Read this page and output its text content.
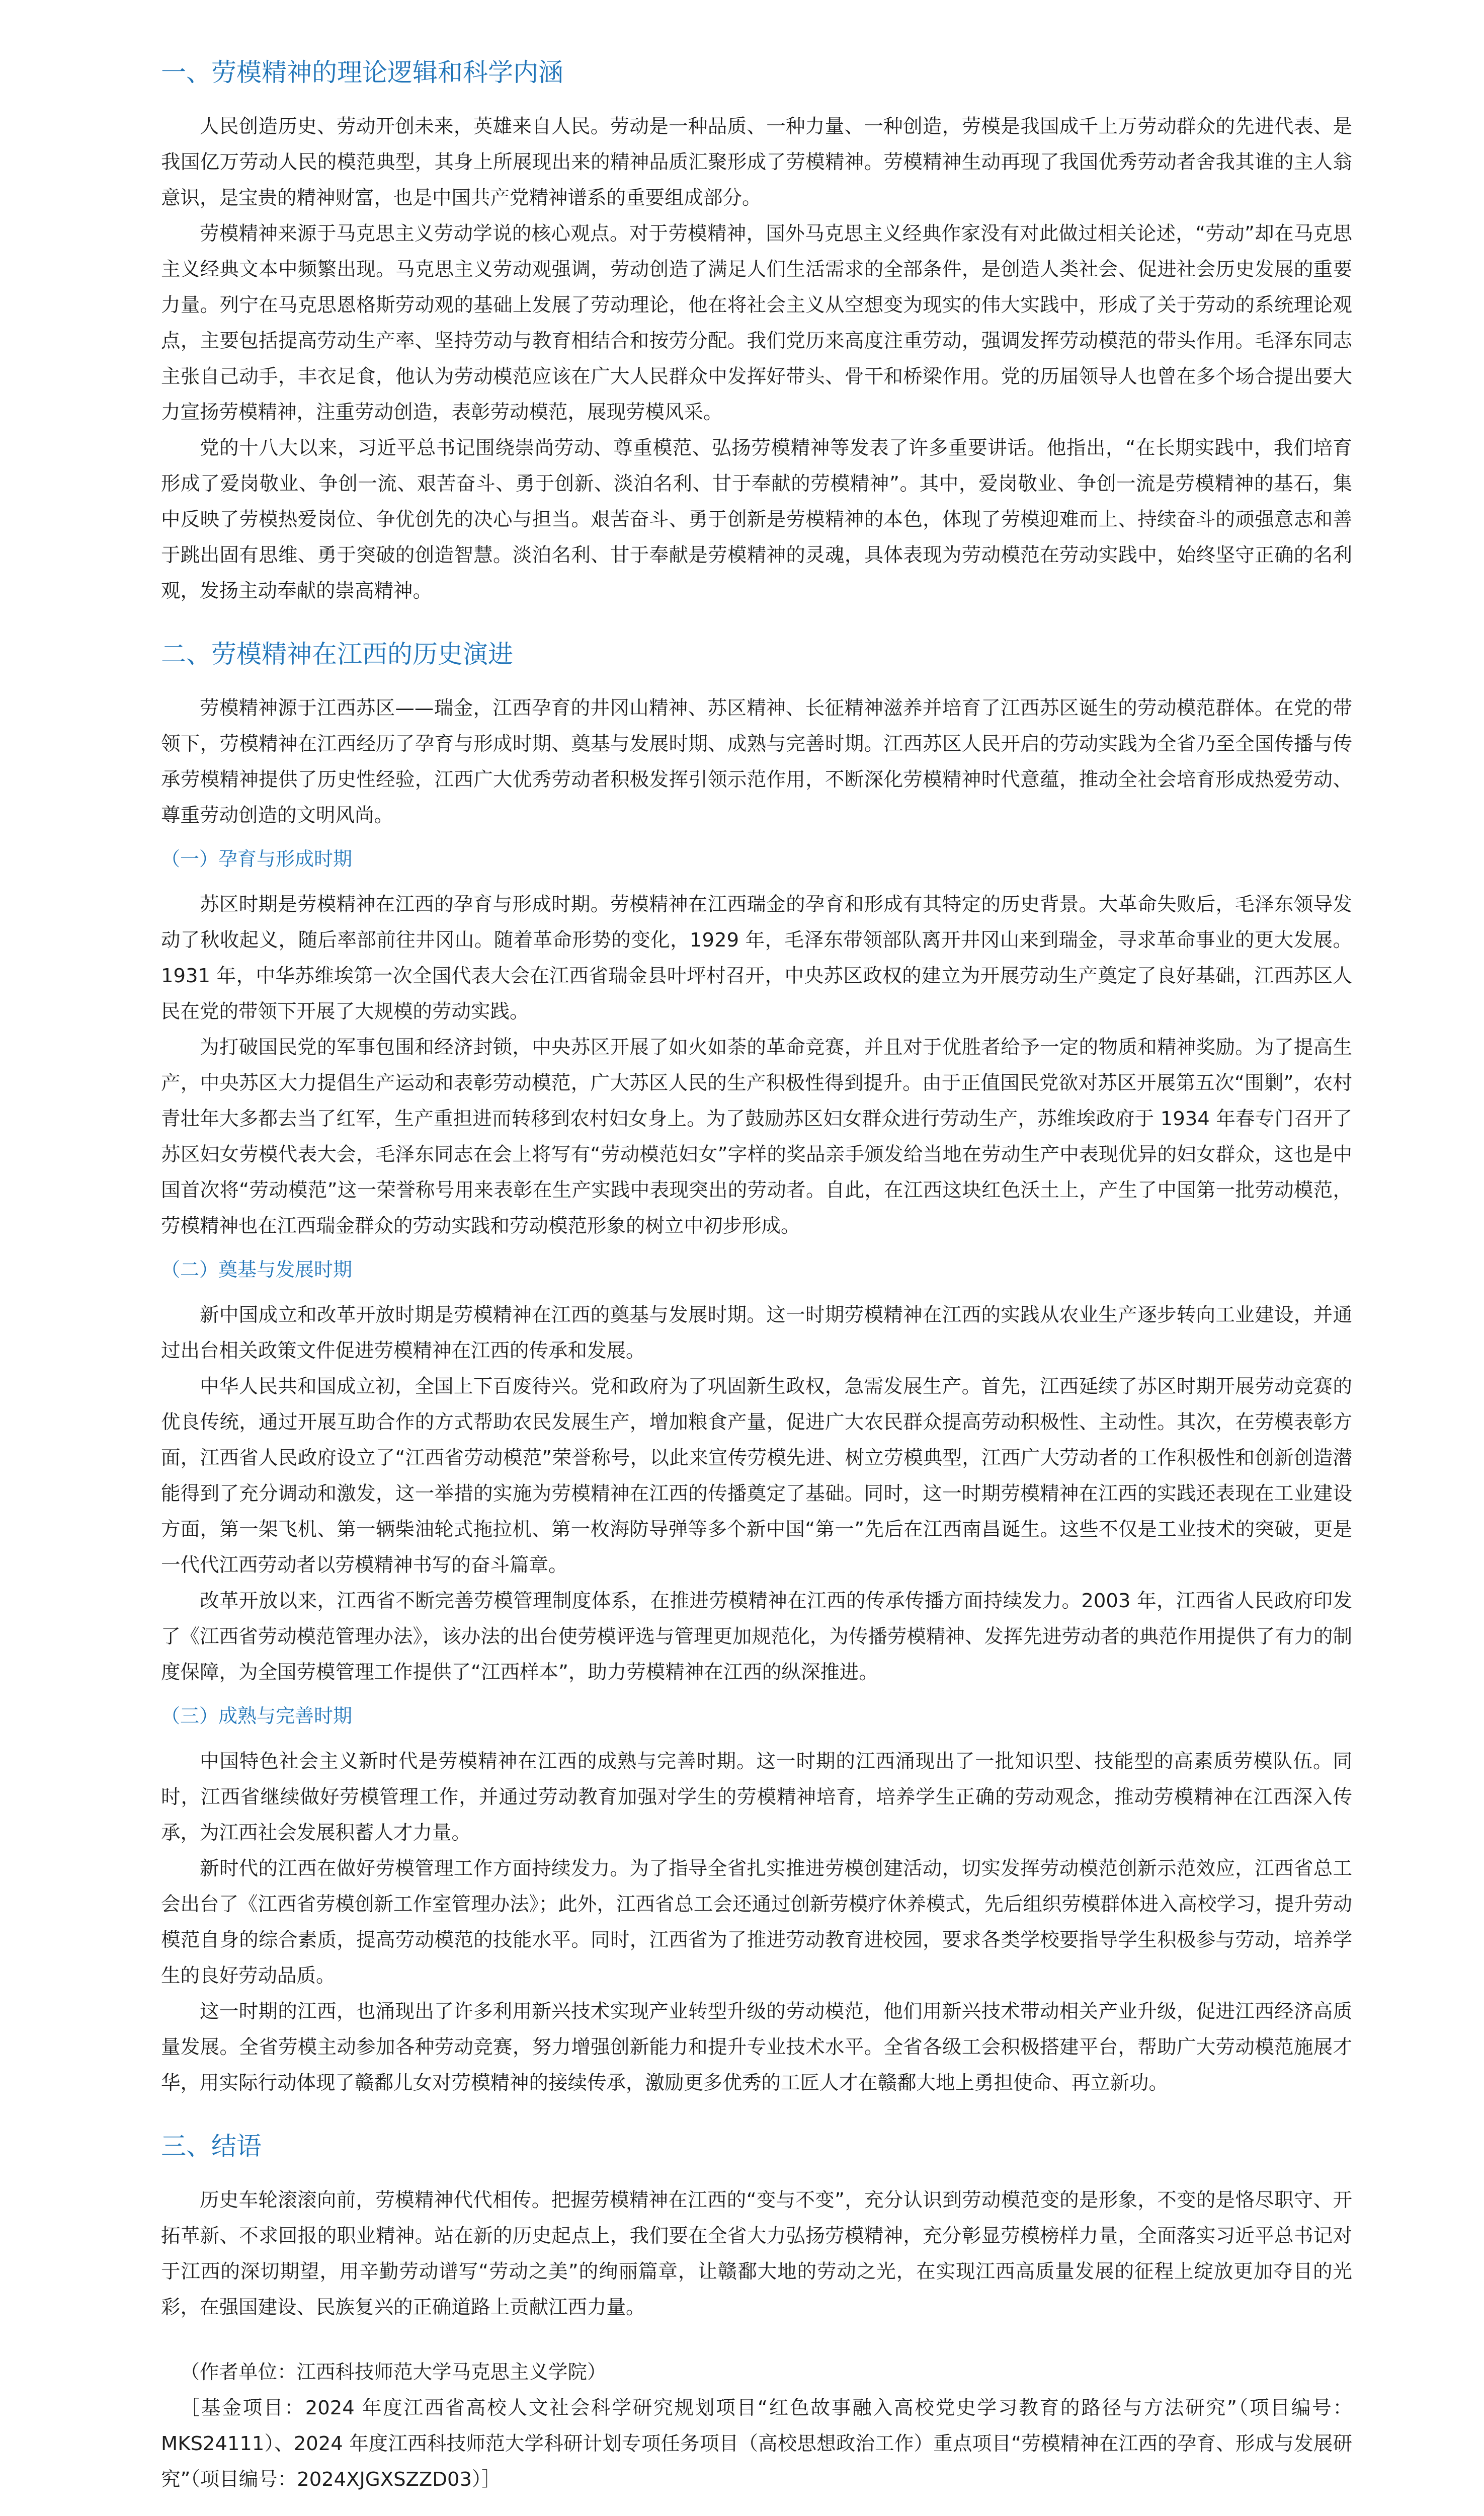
一、劳模精神的理论逻辑和科学内涵

人民创造历史、劳动开创未来，英雄来自人民。劳动是一种品质、一种力量、一种创造，劳模是我国成千上万劳动群众的先进代表、是我国亿万劳动人民的模范典型，其身上所展现出来的精神品质汇聚形成了劳模精神。劳模精神生动再现了我国优秀劳动者舍我其谁的主人翁意识，是宝贵的精神财富，也是中国共产党精神谱系的重要组成部分。

劳模精神来源于马克思主义劳动学说的核心观点。对于劳模精神，国外马克思主义经典作家没有对此做过相关论述，“劳动”却在马克思主义经典文本中频繁出现。马克思主义劳动观强调，劳动创造了满足人们生活需求的全部条件，是创造人类社会、促进社会历史发展的重要力量。列宁在马克思恩格斯劳动观的基础上发展了劳动理论，他在将社会主义从空想变为现实的伟大实践中，形成了关于劳动的系统理论观点，主要包括提高劳动生产率、坚持劳动与教育相结合和按劳分配。我们党历来高度注重劳动，强调发挥劳动模范的带头作用。毛泽东同志主张自己动手，丰衣足食，他认为劳动模范应该在广大人民群众中发挥好带头、骨干和桥梁作用。党的历届领导人也曾在多个场合提出要大力宣扬劳模精神，注重劳动创造，表彰劳动模范，展现劳模风采。

党的十八大以来，习近平总书记围绕崇尚劳动、尊重模范、弘扬劳模精神等发表了许多重要讲话。他指出，“在长期实践中，我们培育形成了爱岗敬业、争创一流、艰苦奋斗、勇于创新、淡泊名利、甘于奉献的劳模精神”。其中，爱岗敬业、争创一流是劳模精神的基石，集中反映了劳模热爱岗位、争优创先的决心与担当。艰苦奋斗、勇于创新是劳模精神的本色，体现了劳模迎难而上、持续奋斗的顽强意志和善于跳出固有思维、勇于突破的创造智慧。淡泊名利、甘于奉献是劳模精神的灵魂，具体表现为劳动模范在劳动实践中，始终坚守正确的名利观，发扬主动奉献的崇高精神。

二、劳模精神在江西的历史演进

劳模精神源于江西苏区——瑞金，江西孕育的井冈山精神、苏区精神、长征精神滋养并培育了江西苏区诞生的劳动模范群体。在党的带领下，劳模精神在江西经历了孕育与形成时期、奠基与发展时期、成熟与完善时期。江西苏区人民开启的劳动实践为全省乃至全国传播与传承劳模精神提供了历史性经验，江西广大优秀劳动者积极发挥引领示范作用，不断深化劳模精神时代意蕴，推动全社会培育形成热爱劳动、尊重劳动创造的文明风尚。

（一）孕育与形成时期

苏区时期是劳模精神在江西的孕育与形成时期。劳模精神在江西瑞金的孕育和形成有其特定的历史背景。大革命失败后，毛泽东领导发动了秋收起义，随后率部前往井冈山。随着革命形势的变化，1929 年，毛泽东带领部队离开井冈山来到瑞金，寻求革命事业的更大发展。1931 年，中华苏维埃第一次全国代表大会在江西省瑞金县叶坪村召开，中央苏区政权的建立为开展劳动生产奠定了良好基础，江西苏区人民在党的带领下开展了大规模的劳动实践。

为打破国民党的军事包围和经济封锁，中央苏区开展了如火如荼的革命竞赛，并且对于优胜者给予一定的物质和精神奖励。为了提高生产，中央苏区大力提倡生产运动和表彰劳动模范，广大苏区人民的生产积极性得到提升。由于正值国民党欲对苏区开展第五次“围剿”，农村青壮年大多都去当了红军，生产重担进而转移到农村妇女身上。为了鼓励苏区妇女群众进行劳动生产，苏维埃政府于 1934 年春专门召开了苏区妇女劳模代表大会，毛泽东同志在会上将写有“劳动模范妇女”字样的奖品亲手颁发给当地在劳动生产中表现优异的妇女群众，这也是中国首次将“劳动模范”这一荣誉称号用来表彰在生产实践中表现突出的劳动者。自此，在江西这块红色沃土上，产生了中国第一批劳动模范，劳模精神也在江西瑞金群众的劳动实践和劳动模范形象的树立中初步形成。

（二）奠基与发展时期

新中国成立和改革开放时期是劳模精神在江西的奠基与发展时期。这一时期劳模精神在江西的实践从农业生产逐步转向工业建设，并通过出台相关政策文件促进劳模精神在江西的传承和发展。

中华人民共和国成立初，全国上下百废待兴。党和政府为了巩固新生政权，急需发展生产。首先，江西延续了苏区时期开展劳动竞赛的优良传统，通过开展互助合作的方式帮助农民发展生产，增加粮食产量，促进广大农民群众提高劳动积极性、主动性。其次，在劳模表彰方面，江西省人民政府设立了“江西省劳动模范”荣誉称号，以此来宣传劳模先进、树立劳模典型，江西广大劳动者的工作积极性和创新创造潜能得到了充分调动和激发，这一举措的实施为劳模精神在江西的传播奠定了基础。同时，这一时期劳模精神在江西的实践还表现在工业建设方面，第一架飞机、第一辆柴油轮式拖拉机、第一枚海防导弹等多个新中国“第一”先后在江西南昌诞生。这些不仅是工业技术的突破，更是一代代江西劳动者以劳模精神书写的奋斗篇章。

改革开放以来，江西省不断完善劳模管理制度体系，在推进劳模精神在江西的传承传播方面持续发力。2003 年，江西省人民政府印发了《江西省劳动模范管理办法》，该办法的出台使劳模评选与管理更加规范化，为传播劳模精神、发挥先进劳动者的典范作用提供了有力的制度保障，为全国劳模管理工作提供了“江西样本”，助力劳模精神在江西的纵深推进。

（三）成熟与完善时期

中国特色社会主义新时代是劳模精神在江西的成熟与完善时期。这一时期的江西涌现出了一批知识型、技能型的高素质劳模队伍。同时，江西省继续做好劳模管理工作，并通过劳动教育加强对学生的劳模精神培育，培养学生正确的劳动观念，推动劳模精神在江西深入传承，为江西社会发展积蓄人才力量。

新时代的江西在做好劳模管理工作方面持续发力。为了指导全省扎实推进劳模创建活动，切实发挥劳动模范创新示范效应，江西省总工会出台了《江西省劳模创新工作室管理办法》；此外，江西省总工会还通过创新劳模疗休养模式，先后组织劳模群体进入高校学习，提升劳动模范自身的综合素质，提高劳动模范的技能水平。同时，江西省为了推进劳动教育进校园，要求各类学校要指导学生积极参与劳动，培养学生的良好劳动品质。

这一时期的江西，也涌现出了许多利用新兴技术实现产业转型升级的劳动模范，他们用新兴技术带动相关产业升级，促进江西经济高质量发展。全省劳模主动参加各种劳动竞赛，努力增强创新能力和提升专业技术水平。全省各级工会积极搭建平台，帮助广大劳动模范施展才华，用实际行动体现了赣鄱儿女对劳模精神的接续传承，激励更多优秀的工匠人才在赣鄱大地上勇担使命、再立新功。

三、结语

历史车轮滚滚向前，劳模精神代代相传。把握劳模精神在江西的“变与不变”，充分认识到劳动模范变的是形象，不变的是恪尽职守、开拓革新、不求回报的职业精神。站在新的历史起点上，我们要在全省大力弘扬劳模精神，充分彰显劳模榜样力量，全面落实习近平总书记对于江西的深切期望，用辛勤劳动谱写“劳动之美”的绚丽篇章，让赣鄱大地的劳动之光，在实现江西高质量发展的征程上绽放更加夺目的光彩，在强国建设、民族复兴的正确道路上贡献江西力量。

（作者单位：江西科技师范大学马克思主义学院）

［基金项目：2024 年度江西省高校人文社会科学研究规划项目“红色故事融入高校党史学习教育的路径与方法研究”（项目编号：MKS24111）、2024 年度江西科技师范大学科研计划专项任务项目（高校思想政治工作）重点项目“劳模精神在江西的孕育、形成与发展研究”（项目编号：2024XJGXSZZD03）］
